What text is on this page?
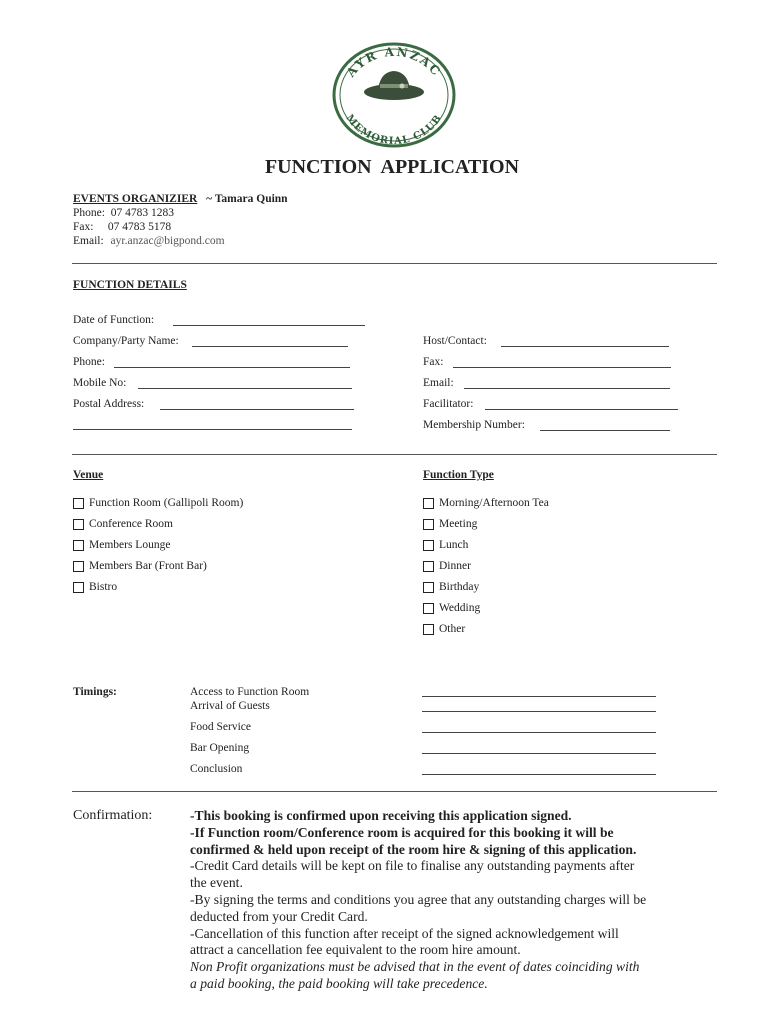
AYR ANZAC
MEMORIAL CLUB
FUNCTION  APPLICATION
EVENTS ORGANIZIER ~ Tamara Quinn
Phone:  07 4783 1283
Fax:     07 4783 5178
Email: ayr.anzac@bigpond.com
FUNCTION DETAILS
Date of Function:
Company/Party Name:	Host/Contact:
Phone:	Fax:
Mobile No:	Email:
Postal Address:	Facilitator:
Membership Number:
Venue
Function Room (Gallipoli Room)
Conference Room
Members Lounge
Members Bar (Front Bar)
Bistro
Function Type
Morning/Afternoon Tea
Meeting
Lunch
Dinner
Birthday
Wedding
Other
Timings:	Access to Function Room
Arrival of Guests
Food Service
Bar Opening
Conclusion
Confirmation:	-This booking is confirmed upon receiving this application signed.
-If Function room/Conference room is acquired for this booking it will be
confirmed & held upon receipt of the room hire & signing of this application.
-Credit Card details will be kept on file to finalise any outstanding payments after
the event.
-By signing the terms and conditions you agree that any outstanding charges will be
deducted from your Credit Card.
-Cancellation of this function after receipt of the signed acknowledgement will
attract a cancellation fee equivalent to the room hire amount.
Non Profit organizations must be advised that in the event of dates coinciding with
a paid booking, the paid booking will take precedence.
